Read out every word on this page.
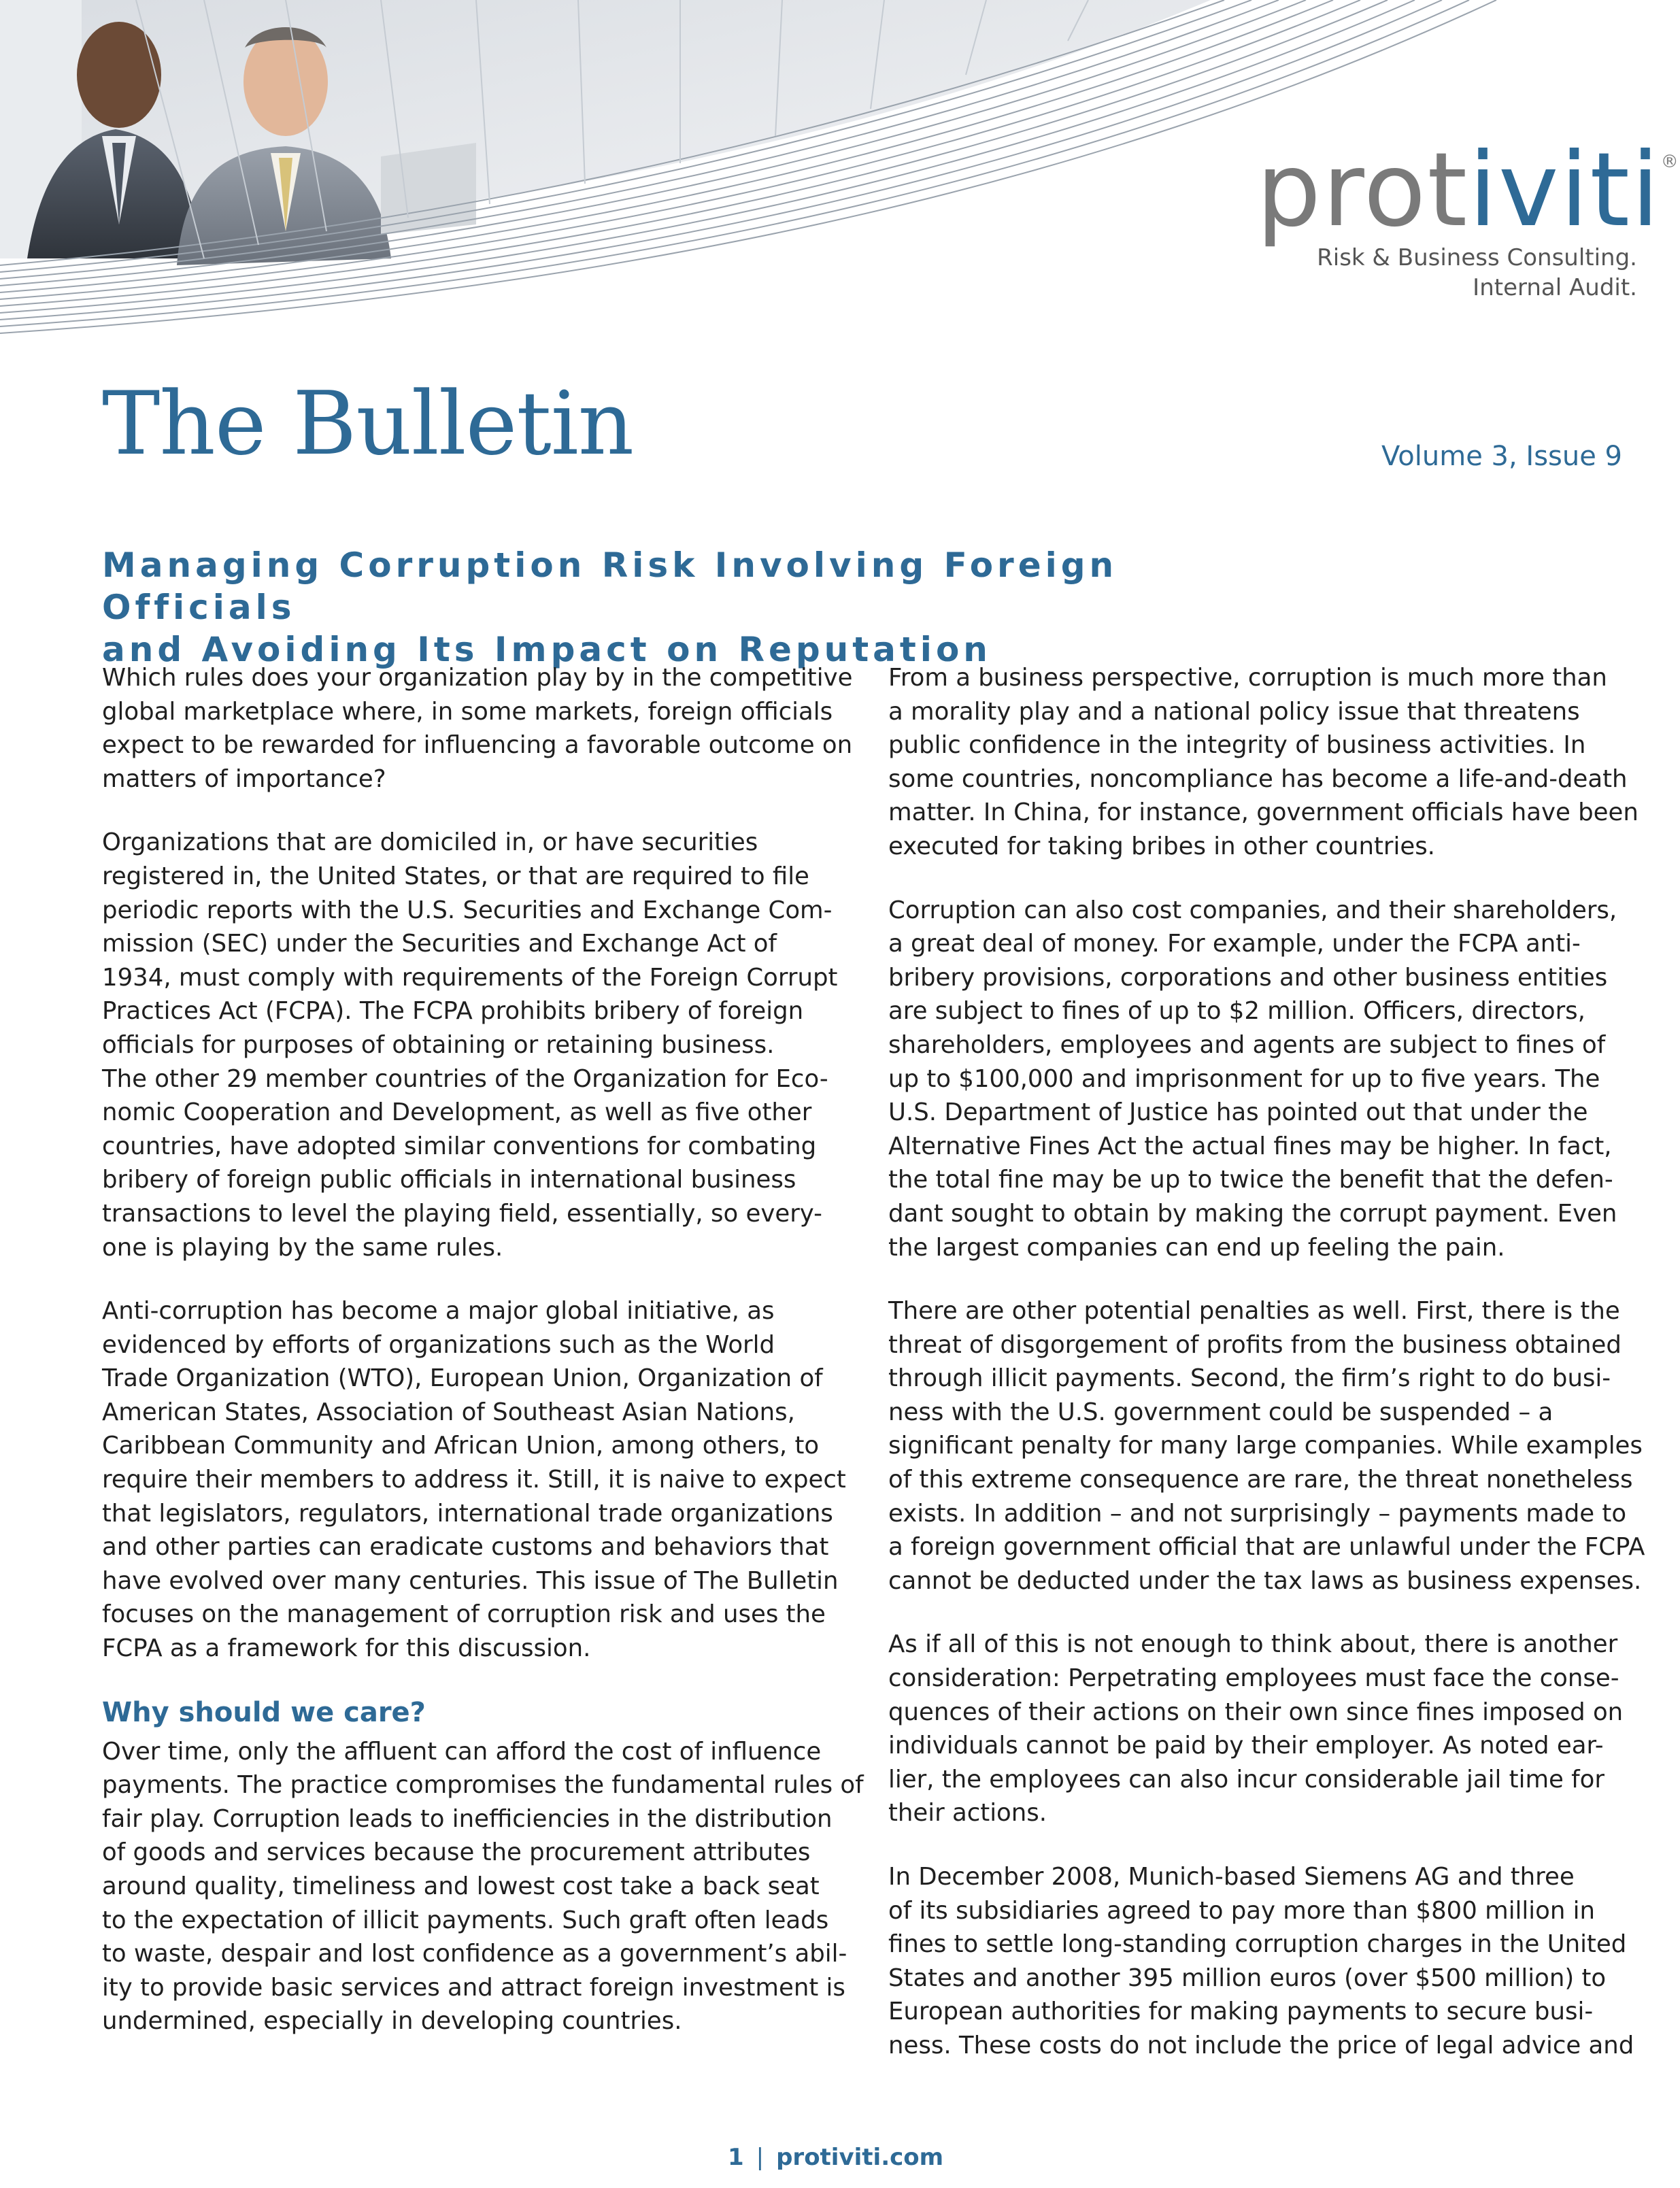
protiviti ®
Risk & Business Consulting.
Internal Audit.
The Bulletin	Volume 3, Issue 9
Managing Corruption Risk Involving Foreign Officials
and Avoiding Its Impact on Reputation

Which rules does your organization play by in the competitive
global marketplace where, in some markets, foreign officials
expect to be rewarded for influencing a favorable outcome on
matters of importance?

Organizations that are domiciled in, or have securities
registered in, the United States, or that are required to file
periodic reports with the U.S. Securities and Exchange Com-
mission (SEC) under the Securities and Exchange Act of
1934, must comply with requirements of the Foreign Corrupt
Practices Act (FCPA). The FCPA prohibits bribery of foreign
officials for purposes of obtaining or retaining business.
The other 29 member countries of the Organization for Eco-
nomic Cooperation and Development, as well as five other
countries, have adopted similar conventions for combating
bribery of foreign public officials in international business
transactions to level the playing field, essentially, so every-
one is playing by the same rules.

Anti-corruption has become a major global initiative, as
evidenced by efforts of organizations such as the World
Trade Organization (WTO), European Union, Organization of
American States, Association of Southeast Asian Nations,
Caribbean Community and African Union, among others, to
require their members to address it. Still, it is naive to expect
that legislators, regulators, international trade organizations
and other parties can eradicate customs and behaviors that
have evolved over many centuries. This issue of The Bulletin
focuses on the management of corruption risk and uses the
FCPA as a framework for this discussion.

Why should we care?

Over time, only the affluent can afford the cost of influence
payments. The practice compromises the fundamental rules of
fair play. Corruption leads to inefficiencies in the distribution
of goods and services because the procurement attributes
around quality, timeliness and lowest cost take a back seat
to the expectation of illicit payments. Such graft often leads
to waste, despair and lost confidence as a government’s abil-
ity to provide basic services and attract foreign investment is
undermined, especially in developing countries.

From a business perspective, corruption is much more than
a morality play and a national policy issue that threatens
public confidence in the integrity of business activities. In
some countries, noncompliance has become a life-and-death
matter. In China, for instance, government officials have been
executed for taking bribes in other countries.

Corruption can also cost companies, and their shareholders,
a great deal of money. For example, under the FCPA anti-
bribery provisions, corporations and other business entities
are subject to fines of up to $2 million. Officers, directors,
shareholders, employees and agents are subject to fines of
up to $100,000 and imprisonment for up to five years. The
U.S. Department of Justice has pointed out that under the
Alternative Fines Act the actual fines may be higher. In fact,
the total fine may be up to twice the benefit that the defen-
dant sought to obtain by making the corrupt payment. Even
the largest companies can end up feeling the pain.

There are other potential penalties as well. First, there is the
threat of disgorgement of profits from the business obtained
through illicit payments. Second, the firm’s right to do busi-
ness with the U.S. government could be suspended – a
significant penalty for many large companies. While examples
of this extreme consequence are rare, the threat nonetheless
exists. In addition – and not surprisingly – payments made to
a foreign government official that are unlawful under the FCPA
cannot be deducted under the tax laws as business expenses.

As if all of this is not enough to think about, there is another
consideration: Perpetrating employees must face the conse-
quences of their actions on their own since fines imposed on
individuals cannot be paid by their employer. As noted ear-
lier, the employees can also incur considerable jail time for
their actions.

In December 2008, Munich-based Siemens AG and three
of its subsidiaries agreed to pay more than $800 million in
fines to settle long-standing corruption charges in the United
States and another 395 million euros (over $500 million) to
European authorities for making payments to secure busi-
ness. These costs do not include the price of legal advice and

1 | protiviti.com
